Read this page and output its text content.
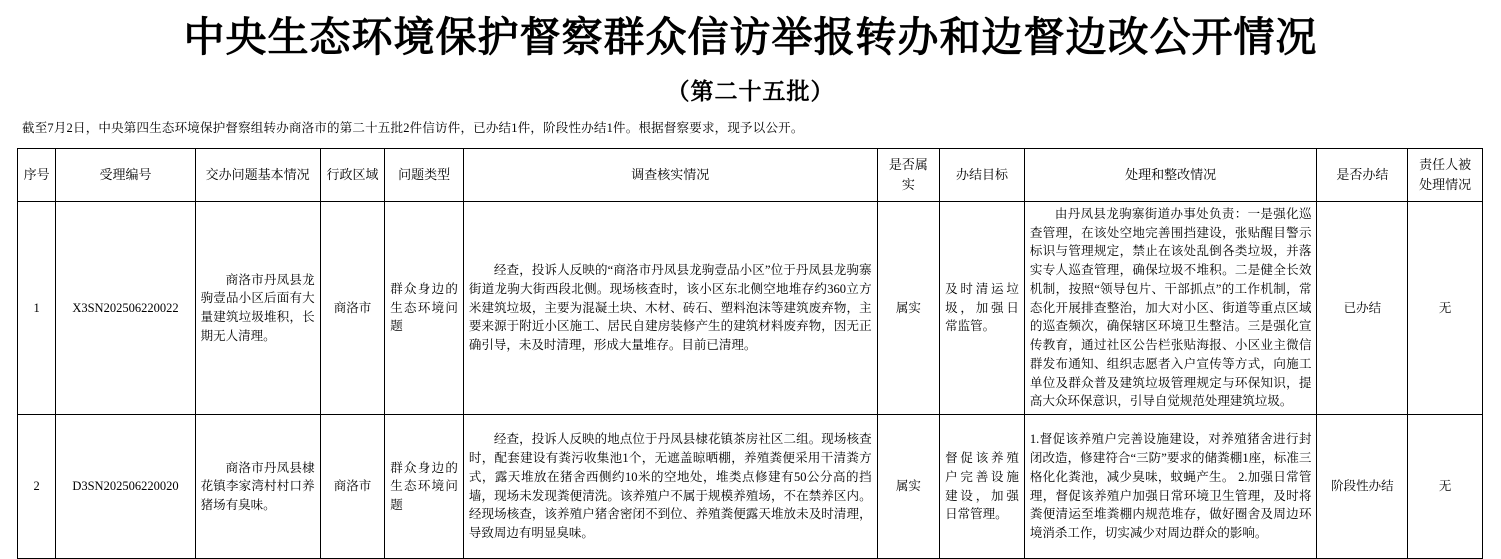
中央生态环境保护督察群众信访举报转办和边督边改公开情况
（第二十五批）

截至7月2日，中央第四生态环境保护督察组转办商洛市的第二十五批2件信访件，已办结1件，阶段性办结1件。根据督察要求，现予以公开。

序号	受理编号	交办问题基本情况	行政区域	问题类型	调查核实情况	是否属实	办结目标	处理和整改情况	是否办结	责任人被处理情况
1	X3SN202506220022	商洛市丹凤县龙驹壹品小区后面有大量建筑垃圾堆积，长期无人清理。	商洛市	群众身边的生态环境问题	经查，投诉人反映的“商洛市丹凤县龙驹壹品小区”位于丹凤县龙驹寨街道龙驹大街西段北侧。现场核查时，该小区东北侧空地堆存约360立方米建筑垃圾，主要为混凝土块、木材、砖石、塑料泡沫等建筑废弃物，主要来源于附近小区施工、居民自建房装修产生的建筑材料废弃物，因无正确引导，未及时清理，形成大量堆存。目前已清理。	属实	及时清运垃圾，加强日常监管。	由丹凤县龙驹寨街道办事处负责：一是强化巡查管理，在该处空地完善围挡建设，张贴醒目警示标识与管理规定，禁止在该处乱倒各类垃圾，并落实专人巡查管理，确保垃圾不堆积。二是健全长效机制，按照“领导包片、干部抓点”的工作机制，常态化开展排查整治，加大对小区、街道等重点区域的巡查频次，确保辖区环境卫生整洁。三是强化宣传教育，通过社区公告栏张贴海报、小区业主微信群发布通知、组织志愿者入户宣传等方式，向施工单位及群众普及建筑垃圾管理规定与环保知识，提高大众环保意识，引导自觉规范处理建筑垃圾。	已办结	无
2	D3SN202506220020	商洛市丹凤县棣花镇李家湾村村口养猪场有臭味。	商洛市	群众身边的生态环境问题	经查，投诉人反映的地点位于丹凤县棣花镇茶房社区二组。现场核查时，配套建设有粪污收集池1个，无遮盖晾晒棚，养殖粪便采用干清粪方式，露天堆放在猪舍西侧约10米的空地处，堆类点修建有50公分高的挡墙，现场未发现粪便清洗。该养殖户不属于规模养殖场，不在禁养区内。经现场核查，该养殖户猪舍密闭不到位、养殖粪便露天堆放未及时清理，导致周边有明显臭味。	属实	督促该养殖户完善设施建设，加强日常管理。	1.督促该养殖户完善设施建设，对养殖猪舍进行封闭改造，修建符合“三防”要求的储粪棚1座，标准三格化化粪池，减少臭味，蚊蝇产生。 2.加强日常管理，督促该养殖户加强日常环境卫生管理，及时将粪便清运至堆粪棚内规范堆存，做好圈舍及周边环境消杀工作，切实减少对周边群众的影响。	阶段性办结	无
